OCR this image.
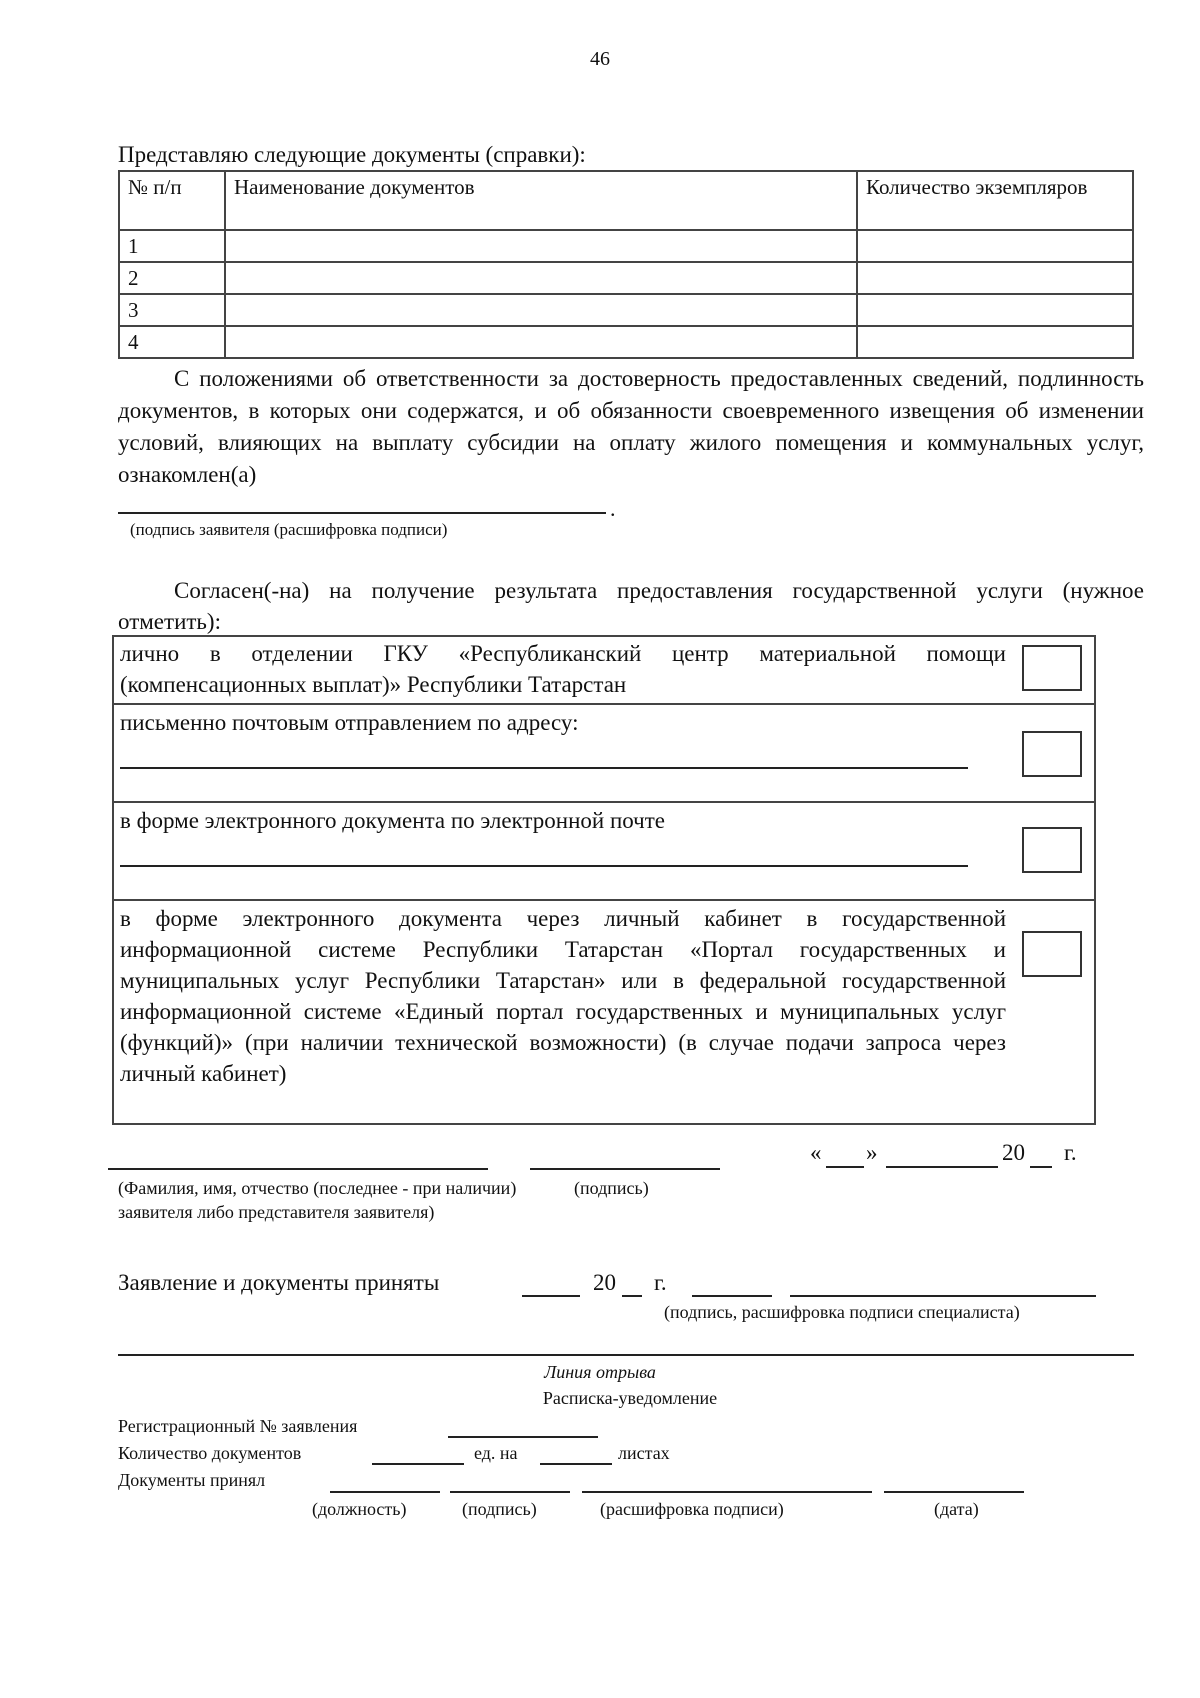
46
Представляю следующие документы (справки):
№ п/п	Наименование документов	Количество экземпляров
1		
2		
3		
4		

С положениями об ответственности за достоверность предоставленных сведений, подлинность документов, в которых они содержатся, и об обязанности своевременного извещения об изменении условий, влияющих на выплату субсидии на оплату жилого помещения и коммунальных услуг, ознакомлен(а)

.
(подпись заявителя (расшифровка подписи)

Согласен(-на) на получение результата предоставления государственной услуги (нужное отметить):

лично в отделении ГКУ «Республиканский центр материальной помощи (компенсационных выплат)» Республики Татарстан
письменно почтовым отправлением по адресу:
в форме электронного документа по электронной почте
в форме электронного документа через личный кабинет в государственной информационной системе Республики Татарстан «Портал государственных и муниципальных услуг Республики Татарстан» или в федеральной государственной информационной системе «Единый портал государственных и муниципальных услуг (функций)» (при наличии технической возможности) (в случае подачи запроса через личный кабинет)
« »	20 г.
(Фамилия, имя, отчество (последнее - при наличии) заявителя либо представителя заявителя)
(подпись)
Заявление и документы приняты	20 г.
(подпись, расшифровка подписи специалиста)
Линия отрыва
Расписка-уведомление
Регистрационный № заявления
Количество документов	ед. на	листах
Документы принял
(должность)	(подпись)	(расшифровка подписи)	(дата)
